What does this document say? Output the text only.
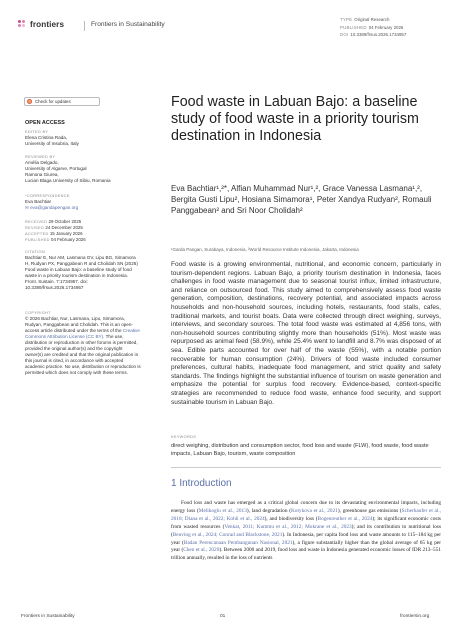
frontiers	Frontiers in Sustainability
TYPE Original Research
PUBLISHED 04 February 2026
DOI 10.3389/frsus.2026.1734957
Check for updates
OPEN ACCESS
EDITED BY
Elena Cristina Rada,
University of Insubria, Italy
REVIEWED BY
Amélia Delgado,
University of Algarve, Portugal
Ramona Giurea,
Lucian Blaga University of Sibiu, Romania
*CORRESPONDENCE
Eva Bachtiar
✉ eva@gandapengan.org
RECEIVED 29 October 2025
REVISED 24 December 2025
ACCEPTED 15 January 2026
PUBLISHED 04 February 2026
CITATION
Bachtiar E, Nur AM, Lasmana GV, Lipu BG, Simamora H, Rudyan PX, Panggabean R and Cholidah SN (2026) Food waste in Labuan Bajo: a baseline study of food waste in a priority tourism destination in Indonesia. Front. Sustain. 7:1734957. doi: 10.3389/frsus.2026.1734957
COPYRIGHT
© 2026 Bachtiar, Nur, Lasmana, Lipu, Simamora, Rudyan, Panggabean and Cholidah. This is an open-access article distributed under the terms of the Creative Commons Attribution License (CC BY). The use, distribution or reproduction in other forums is permitted, provided the original author(s) and the copyright owner(s) are credited and that the original publication in this journal is cited, in accordance with accepted academic practice. No use, distribution or reproduction is permitted which does not comply with these terms.
Food waste in Labuan Bajo: a baseline study of food waste in a priority tourism destination in Indonesia
Eva Bachtiar¹,²*, Alfian Muhammad Nur¹,², Grace Vanessa Lasmana¹,², Bergita Gusti Lipu², Hosiana Simamora¹, Peter Xandya Rudyan², Romauli Panggabean² and Sri Noor Cholidah²
¹Garda Pangan, Surabaya, Indonesia, ²World Resource Institute Indonesia, Jakarta, Indonesia
Food waste is a growing environmental, nutritional, and economic concern, particularly in tourism-dependent regions. Labuan Bajo, a priority tourism destination in Indonesia, faces challenges in food waste management due to seasonal tourist influx, limited infrastructure, and reliance on outsourced food. This study aimed to comprehensively assess food waste generation, composition, destinations, recovery potential, and associated impacts across households and non-household sources, including hotels, restaurants, food stalls, cafes, traditional markets, and tourist boats. Data were collected through direct weighing, surveys, interviews, and secondary sources. The total food waste was estimated at 4,856 tons, with non-household sources contributing slightly more than households (51%). Most waste was repurposed as animal feed (58.9%), while 25.4% went to landfill and 8.7% was disposed of at sea. Edible parts accounted for over half of the waste (55%), with a notable portion recoverable for human consumption (24%). Drivers of food waste included consumer preferences, cultural habits, inadequate food management, and strict quality and safety standards. The findings highlight the substantial influence of tourism on waste generation and emphasize the potential for surplus food recovery. Evidence-based, context-specific strategies are recommended to reduce food waste, enhance food security, and support sustainable tourism in Labuan Bajo.
KEYWORDS
direct weighing, distribution and consumption sector, food loss and waste (FLW), food waste, food waste impacts, Labuan Bajo, tourism, waste composition
1 Introduction
Food loss and waste has emerged as a critical global concern due to its devastating environmental impacts, including energy loss (Melikoglu et al., 2013), land degradation (Kotykova et al., 2021), greenhouse gas emissions (Scherhaufer et al., 2018; Diana et al., 2022; Kohli et al., 2024), and biodiversity loss (Bogenreuther et al., 2024); its significant economic costs from wasted resources (Venkat, 2011; Kummu et al., 2012; Mokrane et al., 2023); and its contribution to nutritional loss (Beuving et al., 2024; Conrad and Blackstone, 2021). In Indonesia, per capita food loss and waste amounts to 115–184 kg per year (Badan Perencanaan Pembangunan Nasional, 2021), a figure substantially higher than the global average of 65 kg per year (Chen et al., 2020). Between 2000 and 2019, food loss and waste in Indonesia generated economic losses of IDR 213–551 trillion annually, resulted in the loss of nutrients
Frontiers in Sustainability	01	frontiersin.org
